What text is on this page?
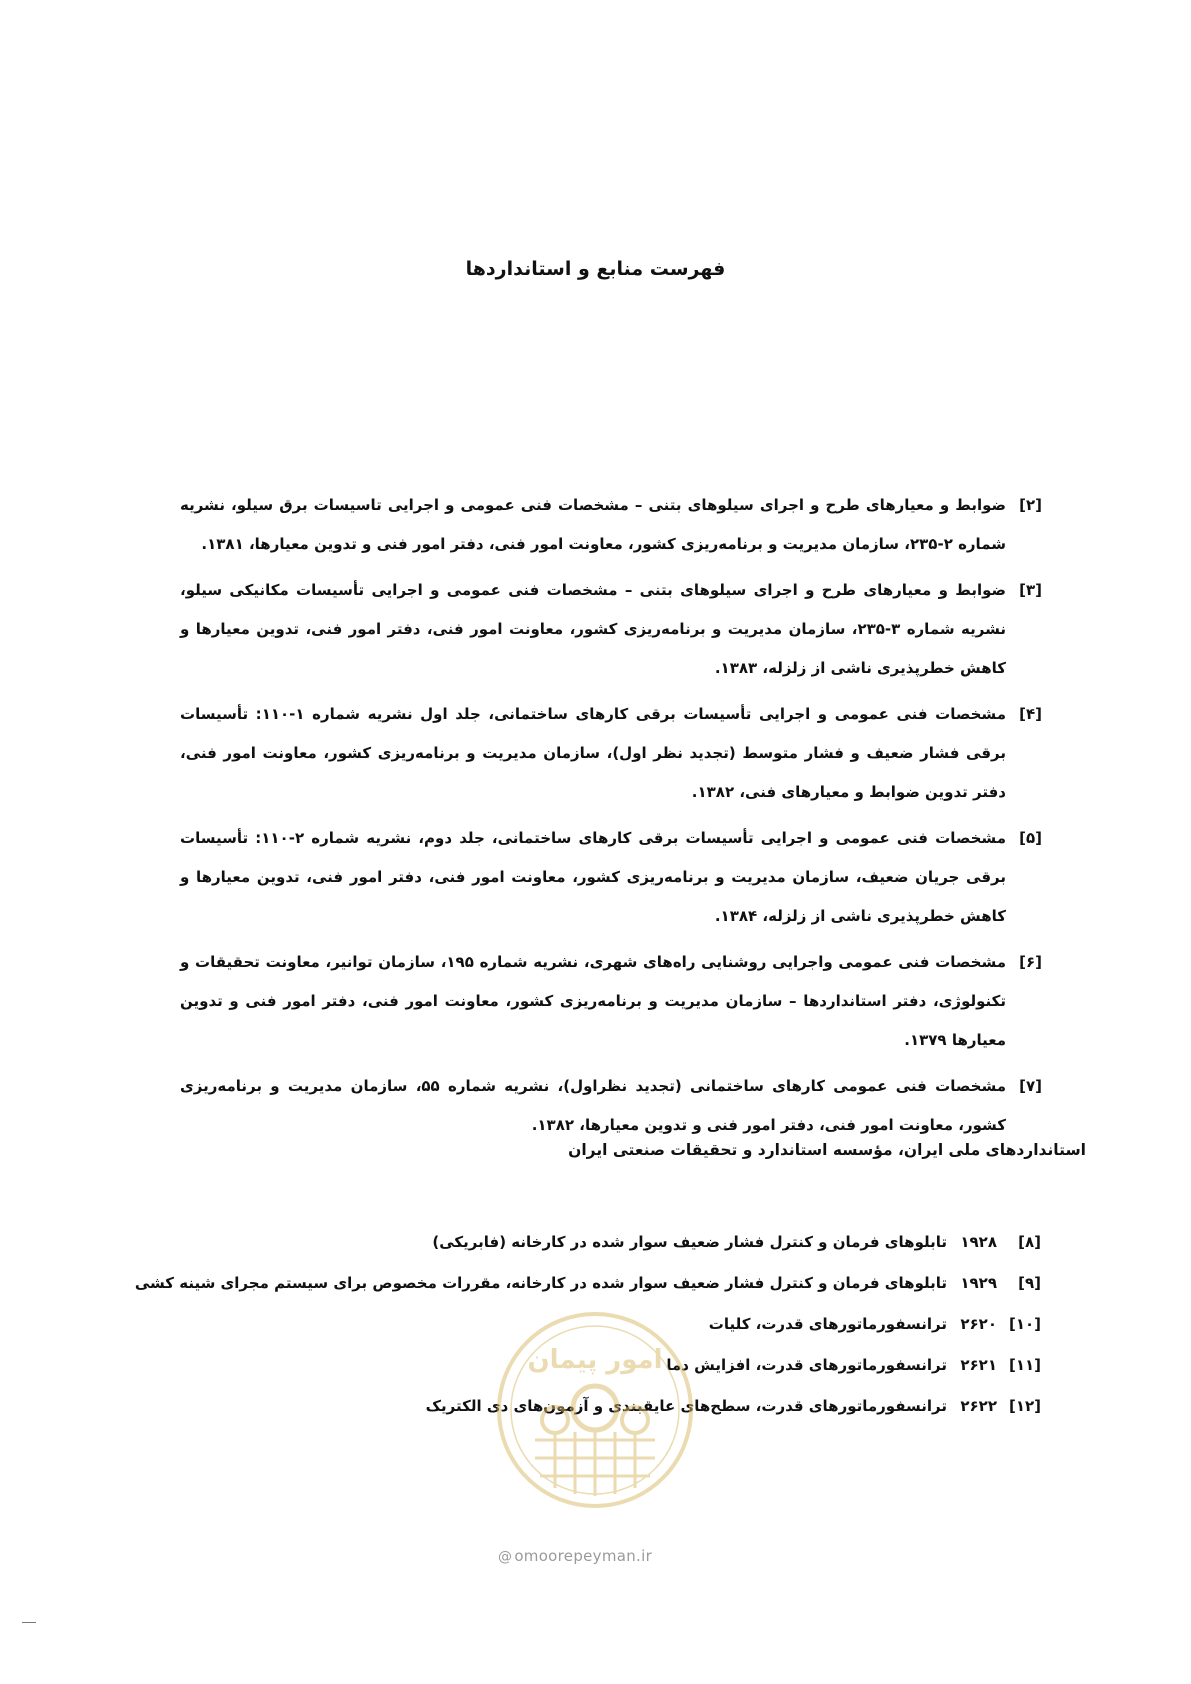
فهرست منابع و استانداردها
[۲]
ضوابط و معیارهای طرح و اجرای سیلوهای بتنی – مشخصات فنی عمومی و اجرایی تاسیسات برق سیلو، نشریه شماره ۲-۲۳۵، سازمان مدیریت و برنامه‌ریزی کشور، معاونت امور فنی، دفتر امور فنی و تدوین معیارها، ۱۳۸۱.
[۳]
ضوابط و معیارهای طرح و اجرای سیلوهای بتنی – مشخصات فنی عمومی و اجرایی تأسیسات مکانیکی سیلو، نشریه شماره ۳-۲۳۵، سازمان مدیریت و برنامه‌ریزی کشور، معاونت امور فنی، دفتر امور فنی، تدوین معیارها و کاهش خطرپذیری ناشی از زلزله، ۱۳۸۳.
[۴]
مشخصات فنی عمومی و اجرایی تأسیسات برقی کارهای ساختمانی، جلد اول نشریه شماره ۱-۱۱۰: تأسیسات برقی فشار ضعیف و فشار متوسط (تجدید نظر اول)، سازمان مدیریت و برنامه‌ریزی کشور، معاونت امور فنی، دفتر تدوین ضوابط و معیارهای فنی، ۱۳۸۲.
[۵]
مشخصات فنی عمومی و اجرایی تأسیسات برقی کارهای ساختمانی، جلد دوم، نشریه شماره ۲-۱۱۰: تأسیسات برقی جریان ضعیف، سازمان مدیریت و برنامه‌ریزی کشور، معاونت امور فنی، دفتر امور فنی، تدوین معیارها و کاهش خطرپذیری ناشی از زلزله، ۱۳۸۴.
[۶]
مشخصات فنی عمومی واجرایی روشنایی راه‌های شهری، نشریه شماره ۱۹۵، سازمان توانیر، معاونت تحقیقات و تکنولوژی، دفتر استانداردها – سازمان مدیریت و برنامه‌ریزی کشور، معاونت امور فنی، دفتر امور فنی و تدوین معیارها ۱۳۷۹.
[۷]
مشخصات فنی عمومی کارهای ساختمانی (تجدید نظراول)، نشریه شماره ۵۵، سازمان مدیریت و برنامه‌ریزی کشور، معاونت امور فنی، دفتر امور فنی و تدوین معیارها، ۱۳۸۲.
استانداردهای ملی ایران، مؤسسه استاندارد و تحقیقات صنعتی ایران
[۸]
۱۹۲۸
تابلوهای فرمان و کنترل فشار ضعیف سوار شده در کارخانه (فابریکی)
[۹]
۱۹۲۹
تابلوهای فرمان و کنترل فشار ضعیف سوار شده در کارخانه، مقررات مخصوص برای سیستم مجرای شینه کشی
[۱۰]
۲۶۲۰
ترانسفورماتورهای قدرت، کلیات
[۱۱]
۲۶۲۱
ترانسفورماتورهای قدرت، افزایش دما
[۱۲]
۲۶۲۲
ترانسفورماتورهای قدرت، سطح‌های عایقبندی و آزمون‌های دی الکتریک
امور پیمان
@ omoorepeyman.ir
